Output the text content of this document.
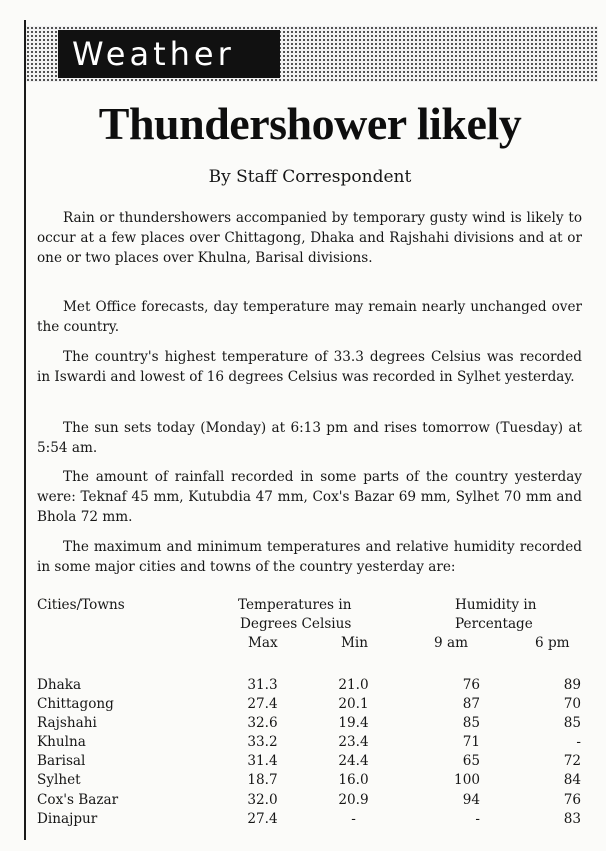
Weather
Thundershower likely
By Staff Correspondent

Rain or thundershowers accompanied by temporary gusty wind is likely to occur at a few places over Chittagong, Dhaka and Rajshahi divisions and at or one or two places over Khulna, Barisal divisions.

Met Office forecasts, day temperature may remain nearly unchanged over the country.

The country's highest temperature of 33.3 degrees Celsius was recorded in Iswardi and lowest of 16 degrees Celsius was recorded in Sylhet yesterday.

The sun sets today (Monday) at 6:13 pm and rises tomorrow (Tuesday) at 5:54 am.

The amount of rainfall recorded in some parts of the country yesterday were: Teknaf 45 mm, Kutubdia 47 mm, Cox's Bazar 69 mm, Sylhet 70 mm and Bhola 72 mm.

The maximum and minimum temperatures and relative humidity recorded in some major cities and towns of the country yesterday are:

Cities/Towns	Temperatures in
Degrees Celsius
Max	Min
Humidity in
Percentage
9 am	6 pm
Dhaka	31.3	21.0	76	89
Chittagong	27.4	20.1	87	70
Rajshahi	32.6	19.4	85	85
Khulna	33.2	23.4	71	-
Barisal	31.4	24.4	65	72
Sylhet	18.7	16.0	100	84
Cox's Bazar	32.0	20.9	94	76
Dinajpur	27.4	-	-	83
